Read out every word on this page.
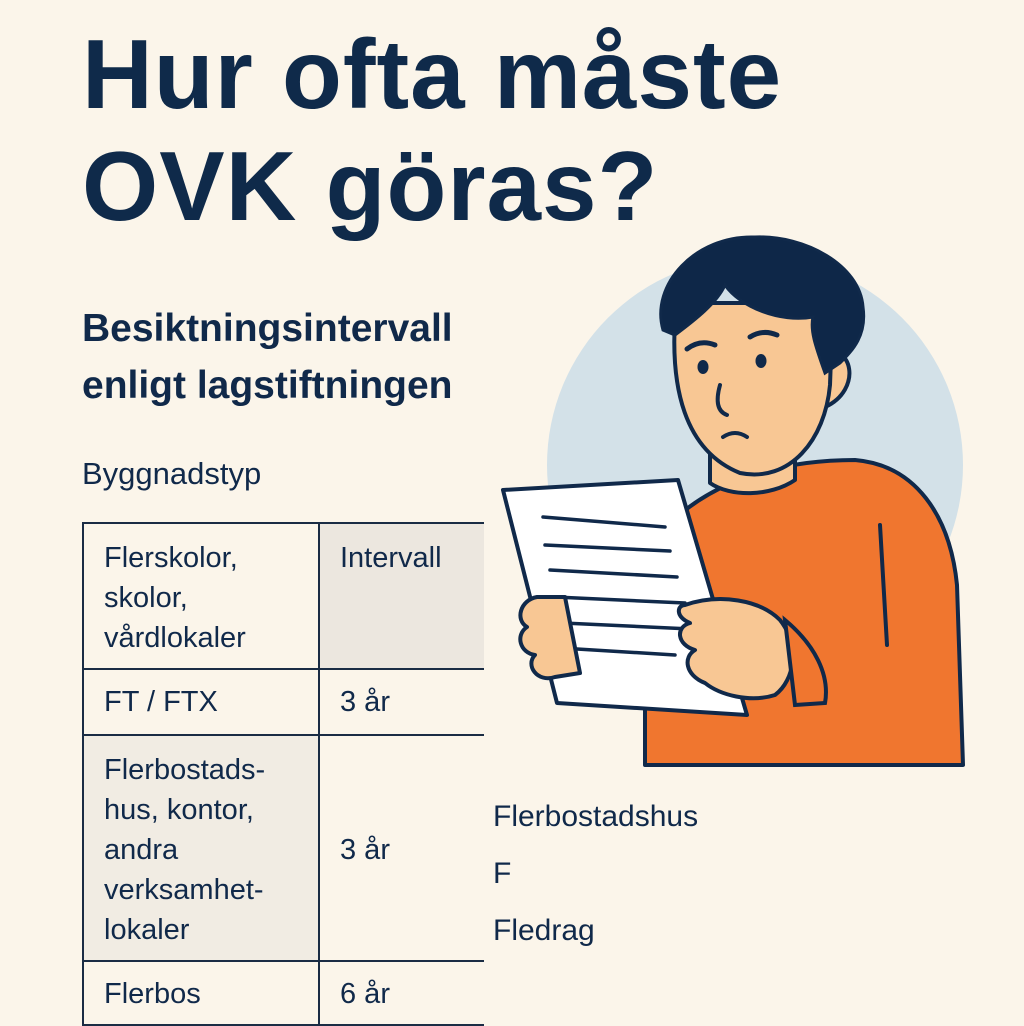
Hur ofta måste
OVK göras?
Besiktningsintervall
enligt lagstiftningen
Byggnadstyp
Flerskolor,
skolor,
vårdlokaler	Intervall
FT / FTX	3 år

Flerbostads-
hus, kontor,
andra
verksamhet-
lokaler	3 år
Flerbos	6 år
Flerbostadshus
F
Fledrag
